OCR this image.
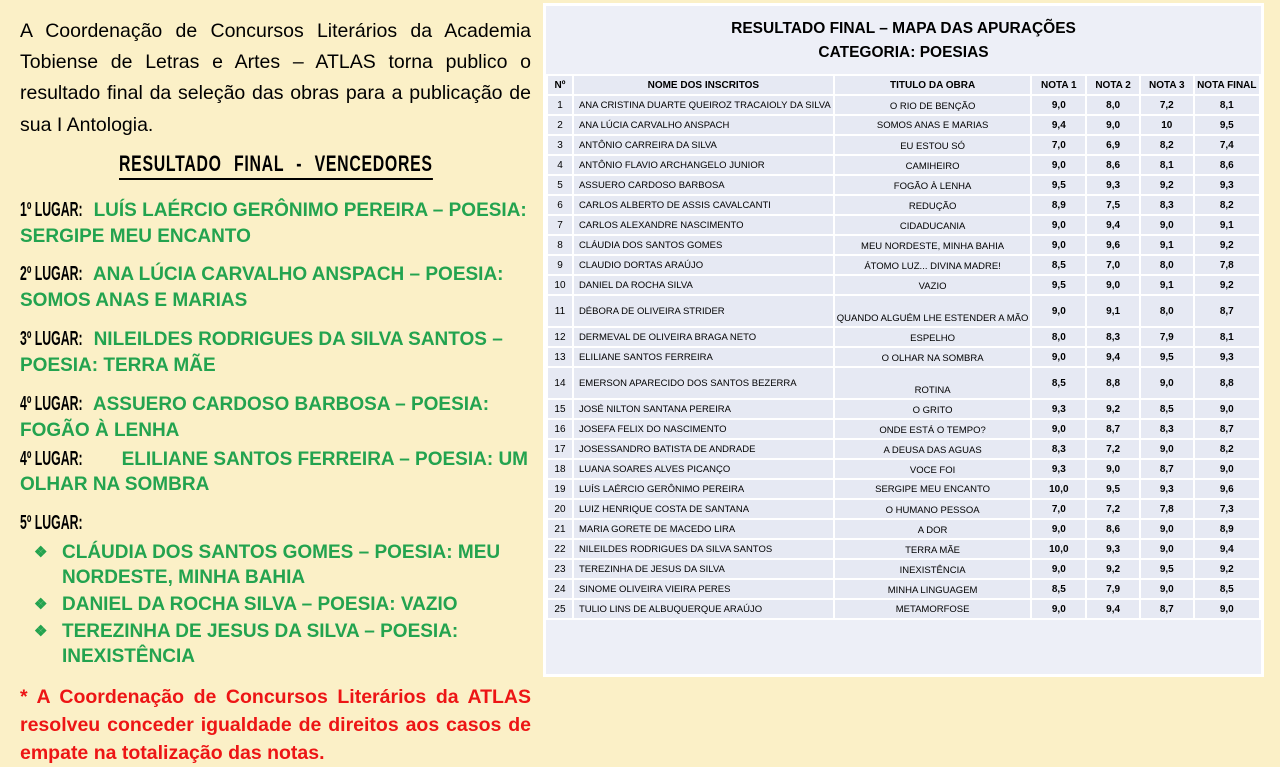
A Coordenação de Concursos Literários da Academia Tobiense de Letras e Artes – ATLAS torna publico o resultado final da seleção das obras para a publicação de sua I Antologia.

RESULTADO FINAL - VENCEDORES

1º LUGAR: LUÍS LAÉRCIO GERÔNIMO PEREIRA – POESIA: SERGIPE MEU ENCANTO

2º LUGAR: ANA LÚCIA CARVALHO ANSPACH – POESIA: SOMOS ANAS E MARIAS

3º LUGAR: NILEILDES RODRIGUES DA SILVA SANTOS – POESIA: TERRA MÃE

4º LUGAR: ASSUERO CARDOSO BARBOSA – POESIA: FOGÃO À LENHA

4º LUGAR: ELILIANE SANTOS FERREIRA – POESIA: UM OLHAR NA SOMBRA

5º LUGAR:

❖ CLÁUDIA DOS SANTOS GOMES – POESIA: MEU NORDESTE, MINHA BAHIA
❖ DANIEL DA ROCHA SILVA – POESIA: VAZIO
❖ TEREZINHA DE JESUS DA SILVA – POESIA: INEXISTÊNCIA

* A Coordenação de Concursos Literários da ATLAS resolveu conceder igualdade de direitos aos casos de empate na totalização das notas.

RESULTADO FINAL – MAPA DAS APURAÇÕES
CATEGORIA: POESIAS
Nº	NOME DOS INSCRITOS	TITULO DA OBRA	NOTA 1	NOTA 2	NOTA 3	NOTA FINAL
1	ANA CRISTINA DUARTE QUEIROZ TRACAIOLY DA SILVA	O RIO DE BENÇÃO	9,0	8,0	7,2	8,1
2	ANA LÚCIA CARVALHO ANSPACH	SOMOS ANAS E MARIAS	9,4	9,0	10	9,5
3	ANTÔNIO CARREIRA DA SILVA	EU ESTOU SÓ	7,0	6,9	8,2	7,4
4	ANTÔNIO FLAVIO ARCHANGELO JUNIOR	CAMIHEIRO	9,0	8,6	8,1	8,6
5	ASSUERO CARDOSO BARBOSA	FOGÃO À LENHA	9,5	9,3	9,2	9,3
6	CARLOS ALBERTO DE ASSIS CAVALCANTI	REDUÇÃO	8,9	7,5	8,3	8,2
7	CARLOS ALEXANDRE NASCIMENTO	CIDADUCANIA	9,0	9,4	9,0	9,1
8	CLÁUDIA DOS SANTOS GOMES	MEU NORDESTE, MINHA BAHIA	9,0	9,6	9,1	9,2
9	CLAUDIO DORTAS ARAÚJO	ÁTOMO LUZ... DIVINA MADRE!	8,5	7,0	8,0	7,8
10	DANIEL DA ROCHA SILVA	VAZIO	9,5	9,0	9,1	9,2
11	DÉBORA DE OLIVEIRA STRIDER	QUANDO ALGUÉM LHE ESTENDER A MÃO	9,0	9,1	8,0	8,7
12	DERMEVAL DE OLIVEIRA BRAGA NETO	ESPELHO	8,0	8,3	7,9	8,1
13	ELILIANE SANTOS FERREIRA	O OLHAR NA SOMBRA	9,0	9,4	9,5	9,3
14	EMERSON APARECIDO DOS SANTOS BEZERRA	ROTINA	8,5	8,8	9,0	8,8
15	JOSÉ NILTON SANTANA PEREIRA	O GRITO	9,3	9,2	8,5	9,0
16	JOSEFA FELIX DO NASCIMENTO	ONDE ESTÁ O TEMPO?	9,0	8,7	8,3	8,7
17	JOSESSANDRO BATISTA DE ANDRADE	A DEUSA DAS AGUAS	8,3	7,2	9,0	8,2
18	LUANA SOARES ALVES PICANÇO	VOCE FOI	9,3	9,0	8,7	9,0
19	LUÍS LAÉRCIO GERÔNIMO PEREIRA	SERGIPE MEU ENCANTO	10,0	9,5	9,3	9,6
20	LUIZ HENRIQUE COSTA DE SANTANA	O HUMANO PESSOA	7,0	7,2	7,8	7,3
21	MARIA GORETE DE MACEDO LIRA	A DOR	9,0	8,6	9,0	8,9
22	NILEILDES RODRIGUES DA SILVA SANTOS	TERRA MÃE	10,0	9,3	9,0	9,4
23	TEREZINHA DE JESUS DA SILVA	INEXISTÊNCIA	9,0	9,2	9,5	9,2
24	SINOME OLIVEIRA VIEIRA PERES	MINHA LINGUAGEM	8,5	7,9	9,0	8,5
25	TULIO LINS DE ALBUQUERQUE ARAÚJO	METAMORFOSE	9,0	9,4	8,7	9,0
